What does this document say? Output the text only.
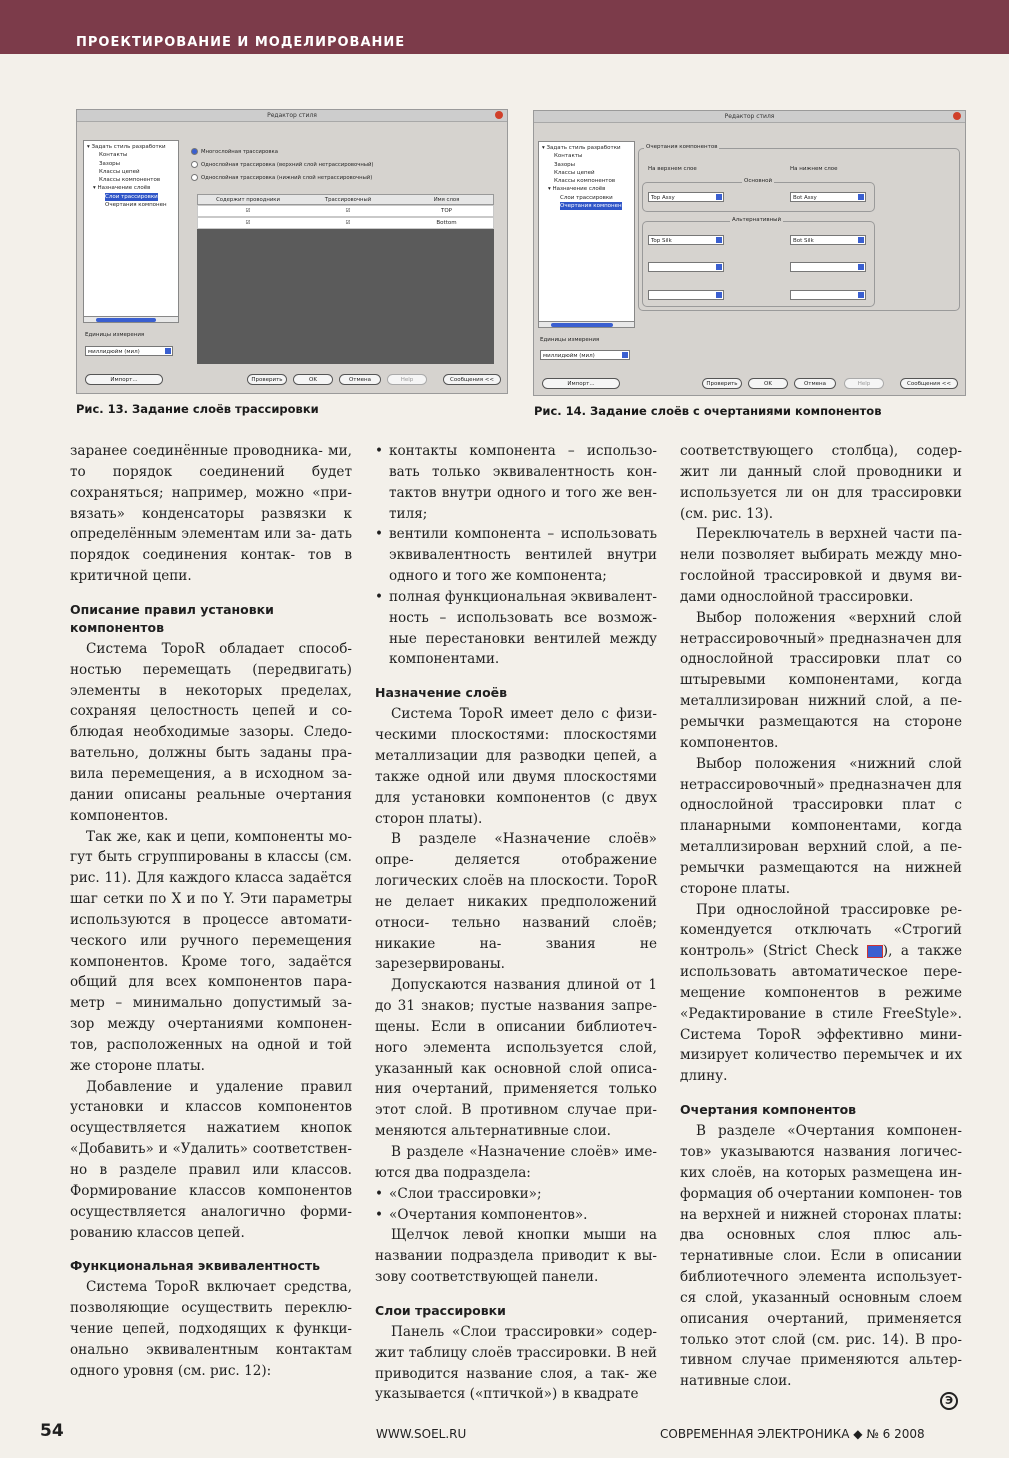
ПРОЕКТИРОВАНИЕ И МОДЕЛИРОВАНИЕ
Редактор стиля
▾ Задать стиль разработки
Контакты
Зазоры
Классы цепей
Классы компонентов
▾ Назначение слоёв
Слои трассировки
Очертания компонен
Единицы измерения
миллидюйм (мил)
Многослойная трассировка
Однослойная трассировка (верхний слой нетрассировочный)
Однослойная трассировка (нижний слой нетрассировочный)
Содержит проводники	Трассировочный	Имя слоя
☑	☑	TOP
☑	☑	Bottom
Импорт...	Проверить	OK	Отмена	Help	Сообщения <<
Рис. 13. Задание слоёв трассировки
Редактор стиля
▾ Задать стиль разработки
Контакты
Зазоры
Классы цепей
Классы компонентов
▾ Назначение слоёв
Слои трассировки
Очертания компонен
Единицы измерения
миллидюйм (мил)
Очертания компонентов
На верхнем слое	На нижнем слое
Основной
Top Assy	Bot Assy
Альтернативный
Top Silk	Bot Silk
Импорт...	Проверить	OK	Отмена	Help	Сообщения <<
Рис. 14. Задание слоёв с очертаниями компонентов

заранее соединённые проводника- ми, то порядок соединений будет сохраняться; например, можно «при- вязать» конденсаторы развязки к определённым элементам или за- дать порядок соединения контак- тов в критичной цепи.

Описание правил установки компонентов

Система TopoR обладает способ- ностью перемещать (передвигать) элементы в некоторых пределах, сохраняя целостность цепей и со- блюдая необходимые зазоры. Следо- вательно, должны быть заданы пра- вила перемещения, а в исходном за- дании описаны реальные очертания компонентов.

Так же, как и цепи, компоненты мо- гут быть сгруппированы в классы (см. рис. 11). Для каждого класса задаётся шаг сетки по X и по Y. Эти параметры используются в процессе автомати- ческого или ручного перемещения компонентов. Кроме того, задаётся общий для всех компонентов пара- метр – минимально допустимый за- зор между очертаниями компонен- тов, расположенных на одной и той же стороне платы.

Добавление и удаление правил установки и классов компонентов осуществляется нажатием кнопок «Добавить» и «Удалить» соответствен- но в разделе правил или классов. Формирование классов компонентов осуществляется аналогично форми- рованию классов цепей.

Функциональная эквивалентность

Система TopoR включает средства, позволяющие осуществить переклю- чение цепей, подходящих к функци- онально эквивалентным контактам одного уровня (см. рис. 12):

• контакты компонента – использо- вать только эквивалентность кон- тактов внутри одного и того же вен- тиля;
• вентили компонента – использовать эквивалентность вентилей внутри одного и того же компонента;
• полная функциональная эквивалент- ность – использовать все возмож- ные перестановки вентилей между компонентами.
Назначение слоёв

Система TopoR имеет дело с физи- ческими плоскостями: плоскостями металлизации для разводки цепей, а также одной или двумя плоскостями для установки компонентов (с двух сторон платы).

В разделе «Назначение слоёв» опре- деляется отображение логических слоёв на плоскости. TopoR не делает никаких предположений относи- тельно названий слоёв; никакие на- звания не зарезервированы.

Допускаются названия длиной от 1 до 31 знаков; пустые названия запре- щены. Если в описании библиотеч- ного элемента используется слой, указанный как основной слой описа- ния очертаний, применяется только этот слой. В противном случае при- меняются альтернативные слои.

В разделе «Назначение слоёв» име- ются два подраздела:

• «Слои трассировки»;
• «Очертания компонентов».

Щелчок левой кнопки мыши на названии подраздела приводит к вы- зову соответствующей панели.

Слои трассировки

Панель «Слои трассировки» содер- жит таблицу слоёв трассировки. В ней приводится название слоя, а так- же указывается («птичкой») в квадрате

соответствующего столбца), содер- жит ли данный слой проводники и используется ли он для трассировки (см. рис. 13).

Переключатель в верхней части па- нели позволяет выбирать между мно- гослойной трассировкой и двумя ви- дами однослойной трассировки.

Выбор положения «верхний слой нетрассировочный» предназначен для однослойной трассировки плат со штыревыми компонентами, когда металлизирован нижний слой, а пе- ремычки размещаются на стороне компонентов.

Выбор положения «нижний слой нетрассировочный» предназначен для однослойной трассировки плат с планарными компонентами, когда металлизирован верхний слой, а пе- ремычки размещаются на нижней стороне платы.

При однослойной трассировке ре- комендуется отключать «Строгий контроль» (Strict Check ), а также использовать автоматическое пере- мещение компонентов в режиме «Редактирование в стиле FreeStyle». Система TopoR эффективно мини- мизирует количество перемычек и их длину.

Очертания компонентов

В разделе «Очертания компонен- тов» указываются названия логичес- ких слоёв, на которых размещена ин- формация об очертании компонен- тов на верхней и нижней сторонах платы: два основных слоя плюс аль- тернативные слои. Если в описании библиотечного элемента использует- ся слой, указанный основным слоем описания очертаний, применяется только этот слой (см. рис. 14). В про- тивном случае применяются альтер- нативные слои.

Э
54	WWW.SOEL.RU	СОВРЕМЕННАЯ ЭЛЕКТРОНИКА ◆ № 6 2008
